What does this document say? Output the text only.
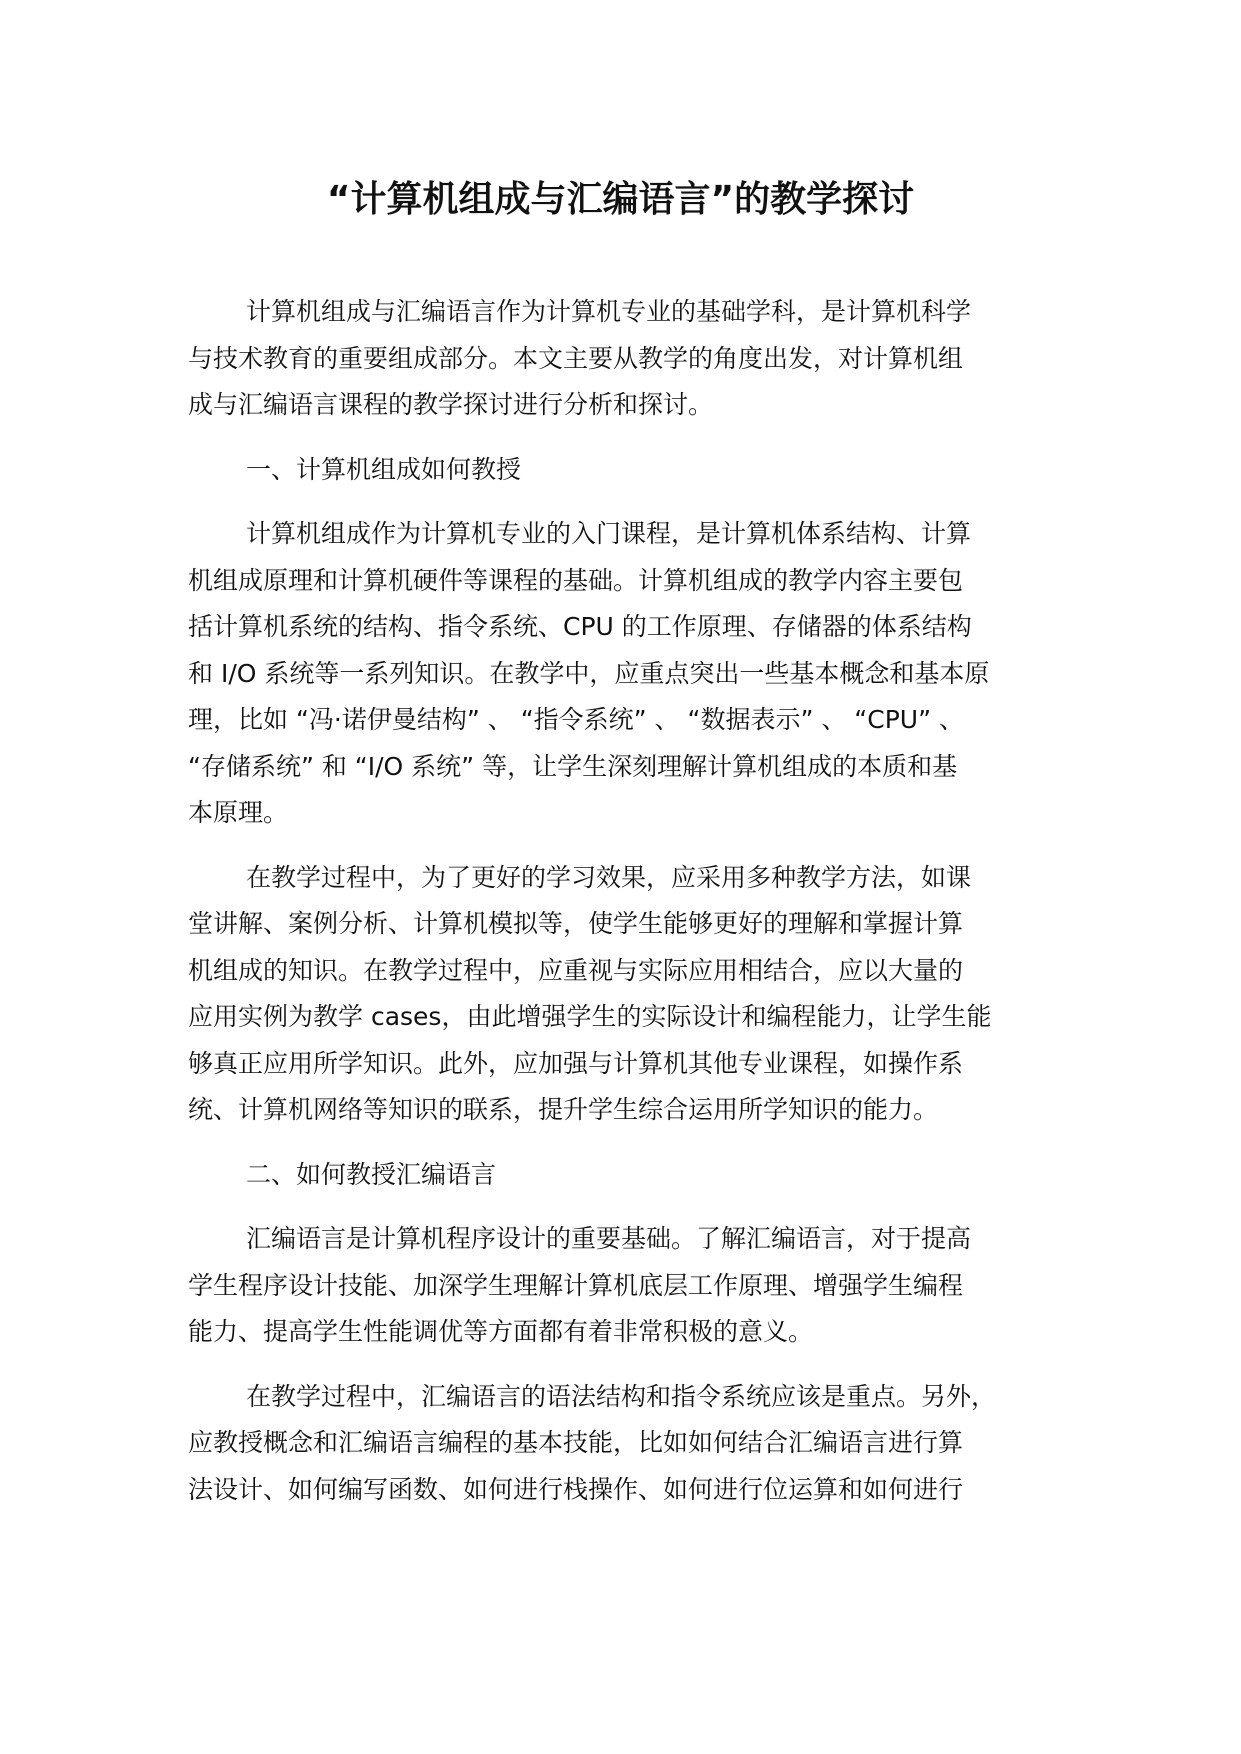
“计算机组成与汇编语言”的教学探讨
计算机组成与汇编语言作为计算机专业的基础学科，是计算机科学
与技术教育的重要组成部分。本文主要从教学的角度出发，对计算机组
成与汇编语言课程的教学探讨进行分析和探讨。
一、计算机组成如何教授
计算机组成作为计算机专业的入门课程，是计算机体系结构、计算
机组成原理和计算机硬件等课程的基础。计算机组成的教学内容主要包
括计算机系统的结构、指令系统、CPU 的工作原理、存储器的体系结构
和 I/O 系统等一系列知识。在教学中，应重点突出一些基本概念和基本原
理，比如 “冯·诺伊曼结构” 、 “指令系统” 、 “数据表示” 、 “CPU” 、
“存储系统” 和 “I/O 系统” 等，让学生深刻理解计算机组成的本质和基
本原理。
在教学过程中，为了更好的学习效果，应采用多种教学方法，如课
堂讲解、案例分析、计算机模拟等，使学生能够更好的理解和掌握计算
机组成的知识。在教学过程中，应重视与实际应用相结合，应以大量的
应用实例为教学 cases，由此增强学生的实际设计和编程能力，让学生能
够真正应用所学知识。此外，应加强与计算机其他专业课程，如操作系
统、计算机网络等知识的联系，提升学生综合运用所学知识的能力。
二、如何教授汇编语言
汇编语言是计算机程序设计的重要基础。了解汇编语言，对于提高
学生程序设计技能、加深学生理解计算机底层工作原理、增强学生编程
能力、提高学生性能调优等方面都有着非常积极的意义。
在教学过程中，汇编语言的语法结构和指令系统应该是重点。另外，
应教授概念和汇编语言编程的基本技能，比如如何结合汇编语言进行算
法设计、如何编写函数、如何进行栈操作、如何进行位运算和如何进行
